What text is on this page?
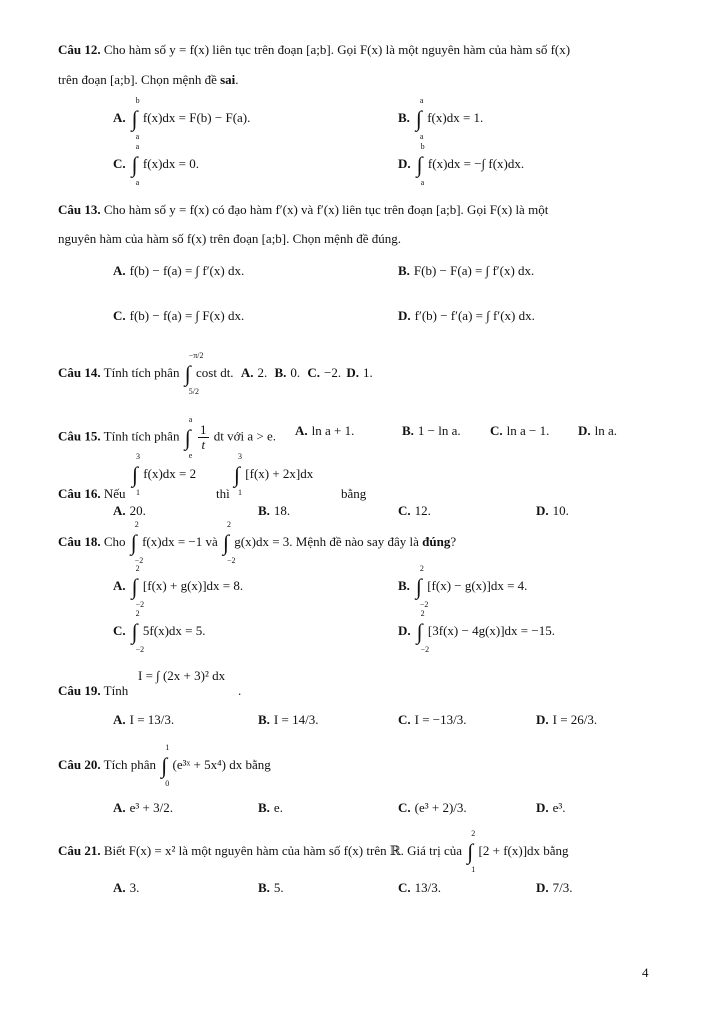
Câu 12. Cho hàm số y = f(x) liên tục trên đoạn [a;b]. Gọi F(x) là một nguyên hàm của hàm số f(x)
trên đoạn [a;b]. Chọn mệnh đề sai.
A. ∫
b
a
f(x)dx = F(b) − F(a).	B. ∫
a
a
f(x)dx = 1.
C. ∫
a
a
f(x)dx = 0.	D. ∫
b
a
f(x)dx = −∫ f(x)dx.
Câu 13. Cho hàm số y = f(x) có đạo hàm f′(x) và f′(x) liên tục trên đoạn [a;b]. Gọi F(x) là một
nguyên hàm của hàm số f(x) trên đoạn [a;b]. Chọn mệnh đề đúng.
A. f(b) − f(a) = ∫ f′(x) dx.	B. F(b) − F(a) = ∫ f′(x) dx.
C. f(b) − f(a) = ∫ F(x) dx.	D. f′(b) − f′(a) = ∫ f′(x) dx.
Câu 14. Tính tích phân ∫
−π/2
5/2
cost dt. A. 2. B. 0. C. −2. D. 1.
Câu 15. Tính tích phân ∫
a
e

$\frac{1}{t}$ dt với a > e. A. ln a + 1.	B. 1 − ln a. C. ln a − 1. D. ln a.
Câu 16. Nếu
∫
3
1
f(x)dx = 2
thì
∫
3
1
[f(x) + 2x]dx
bằng
A. 20.	B. 18.	C. 12.	D. 10.
Câu 18. Cho ∫
2
−2
f(x)dx = −1 và ∫
2
−2
g(x)dx = 3. Mệnh đề nào say đây là đúng?
A. ∫
2
−2
[f(x) + g(x)]dx = 8.	B. ∫
2
−2
[f(x) − g(x)]dx = 4.
C. ∫
2
−2
5f(x)dx = 5.	D. ∫
2
−2
[3f(x) − 4g(x)]dx = −15.
Câu 19. Tính
I = ∫ (2x + 3)² dx
.
A. I = 13/3.	B. I = 14/3.	C. I = −13/3.	D. I = 26/3.
Câu 20. Tích phân ∫
1
0
(e³ˣ + 5x⁴) dx bằng
A. e³ + 3/2.	B. e.	C. (e³ + 2)/3.	D. e³.
Câu 21. Biết F(x) = x² là một nguyên hàm của hàm số f(x) trên ℝ. Giá trị của ∫
2
1
[2 + f(x)]dx bằng
A. 3.	B. 5.	C. 13/3.	D. 7/3.
4
